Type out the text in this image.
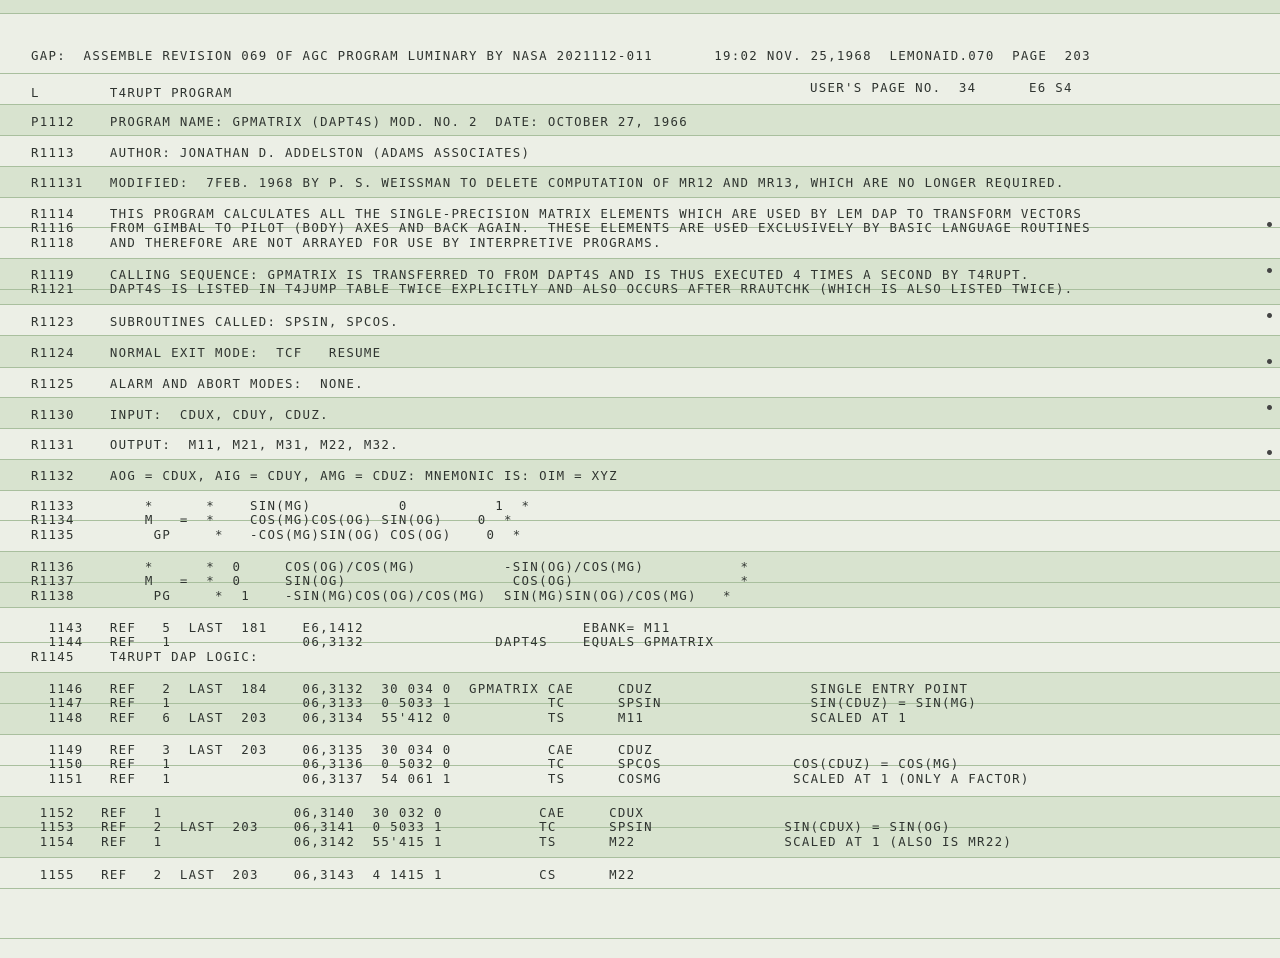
GAP:  ASSEMBLE REVISION 069 OF AGC PROGRAM LUMINARY BY NASA 2021112-011       19:02 NOV. 25,1968  LEMONAID.070  PAGE  203
L        T4RUPT PROGRAM	USER'S PAGE NO.  34      E6 S4
P1112    PROGRAM NAME: GPMATRIX (DAPT4S) MOD. NO. 2  DATE: OCTOBER 27, 1966
R1113    AUTHOR: JONATHAN D. ADDELSTON (ADAMS ASSOCIATES)
R11131   MODIFIED:  7FEB. 1968 BY P. S. WEISSMAN TO DELETE COMPUTATION OF MR12 AND MR13, WHICH ARE NO LONGER REQUIRED.
R1114    THIS PROGRAM CALCULATES ALL THE SINGLE-PRECISION MATRIX ELEMENTS WHICH ARE USED BY LEM DAP TO TRANSFORM VECTORS
R1116    FROM GIMBAL TO PILOT (BODY) AXES AND BACK AGAIN.  THESE ELEMENTS ARE USED EXCLUSIVELY BY BASIC LANGUAGE ROUTINES
R1118    AND THEREFORE ARE NOT ARRAYED FOR USE BY INTERPRETIVE PROGRAMS.
R1119    CALLING SEQUENCE: GPMATRIX IS TRANSFERRED TO FROM DAPT4S AND IS THUS EXECUTED 4 TIMES A SECOND BY T4RUPT.
R1121    DAPT4S IS LISTED IN T4JUMP TABLE TWICE EXPLICITLY AND ALSO OCCURS AFTER RRAUTCHK (WHICH IS ALSO LISTED TWICE).
R1123    SUBROUTINES CALLED: SPSIN, SPCOS.
R1124    NORMAL EXIT MODE:  TCF   RESUME
R1125    ALARM AND ABORT MODES:  NONE.
R1130    INPUT:  CDUX, CDUY, CDUZ.
R1131    OUTPUT:  M11, M21, M31, M22, M32.
R1132    AOG = CDUX, AIG = CDUY, AMG = CDUZ: MNEMONIC IS: OIM = XYZ
R1133        *      *    SIN(MG)          0          1  *
R1134        M   =  *    COS(MG)COS(OG) SIN(OG)    0  *
R1135         GP     *   -COS(MG)SIN(OG) COS(OG)    0  *
R1136        *      *  0     COS(OG)/COS(MG)          -SIN(OG)/COS(MG)           *
R1137        M   =  *  0     SIN(OG)                   COS(OG)                   *
R1138         PG     *  1    -SIN(MG)COS(OG)/COS(MG)  SIN(MG)SIN(OG)/COS(MG)   *
1143   REF   5  LAST  181    E6,1412                         EBANK= M11
1144   REF   1               06,3132               DAPT4S    EQUALS GPMATRIX
R1145    T4RUPT DAP LOGIC:
1146   REF   2  LAST  184    06,3132  30 034 0  GPMATRIX CAE     CDUZ                  SINGLE ENTRY POINT
1147   REF   1               06,3133  0 5033 1           TC      SPSIN                 SIN(CDUZ) = SIN(MG)
1148   REF   6  LAST  203    06,3134  55'412 0           TS      M11                   SCALED AT 1
1149   REF   3  LAST  203    06,3135  30 034 0           CAE     CDUZ
1150   REF   1               06,3136  0 5032 0           TC      SPCOS               COS(CDUZ) = COS(MG)
1151   REF   1               06,3137  54 061 1           TS      COSMG               SCALED AT 1 (ONLY A FACTOR)
1152   REF   1               06,3140  30 032 0           CAE     CDUX
1153   REF   2  LAST  203    06,3141  0 5033 1           TC      SPSIN               SIN(CDUX) = SIN(OG)
1154   REF   1               06,3142  55'415 1           TS      M22                 SCALED AT 1 (ALSO IS MR22)
1155   REF   2  LAST  203    06,3143  4 1415 1           CS      M22
